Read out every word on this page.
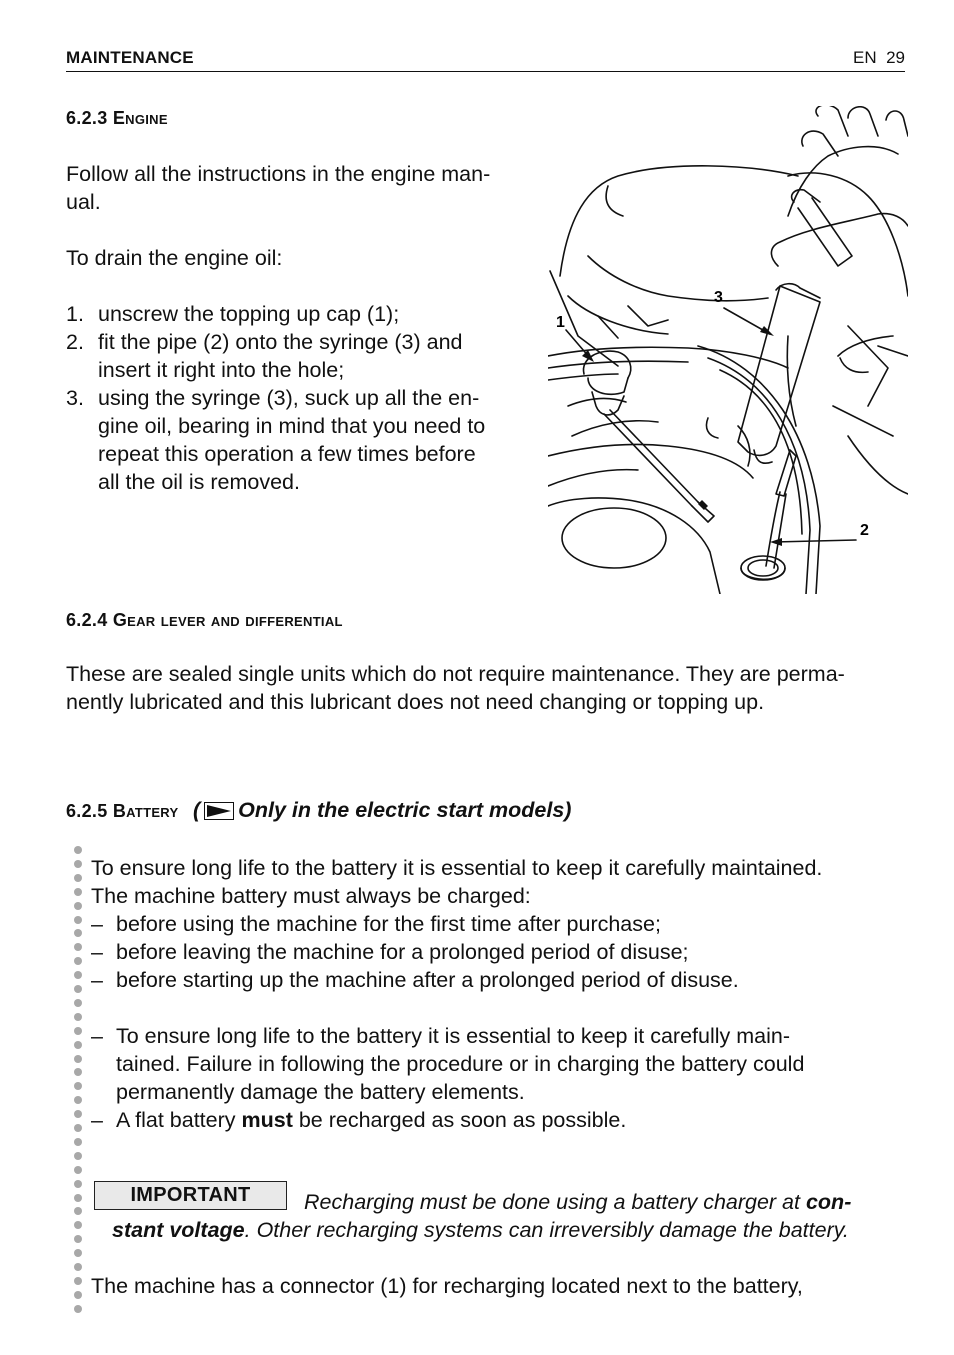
MAINTENANCE	EN 29
6.2.3 Engine
Follow all the instructions in the engine man-
ual.
To drain the engine oil:
1. unscrew the topping up cap (1);
2. fit the pipe (2) onto the syringe (3) and
insert it right into the hole;
3. using the syringe (3), suck up all the en-
gine oil, bearing in mind that you need to
repeat this operation a few times before
all the oil is removed.
1
3
2
6.2.4 Gear lever and differential
These are sealed single units which do not require maintenance. They are perma-
nently lubricated and this lubricant does not need changing or topping up.
6.2.5 Battery ( Only in the electric start models)
To ensure long life to the battery it is essential to keep it carefully maintained.
The machine battery must always be charged:
– before using the machine for the first time after purchase;
– before leaving the machine for a prolonged period of disuse;
– before starting up the machine after a prolonged period of disuse.
– To ensure long life to the battery it is essential to keep it carefully main-
tained. Failure in following the procedure or in charging the battery could
permanently damage the battery elements.
– A flat battery must be recharged as soon as possible.
IMPORTANT	Recharging must be done using a battery charger at con-
stant voltage. Other recharging systems can irreversibly damage the battery.
The machine has a connector (1) for recharging located next to the battery,
